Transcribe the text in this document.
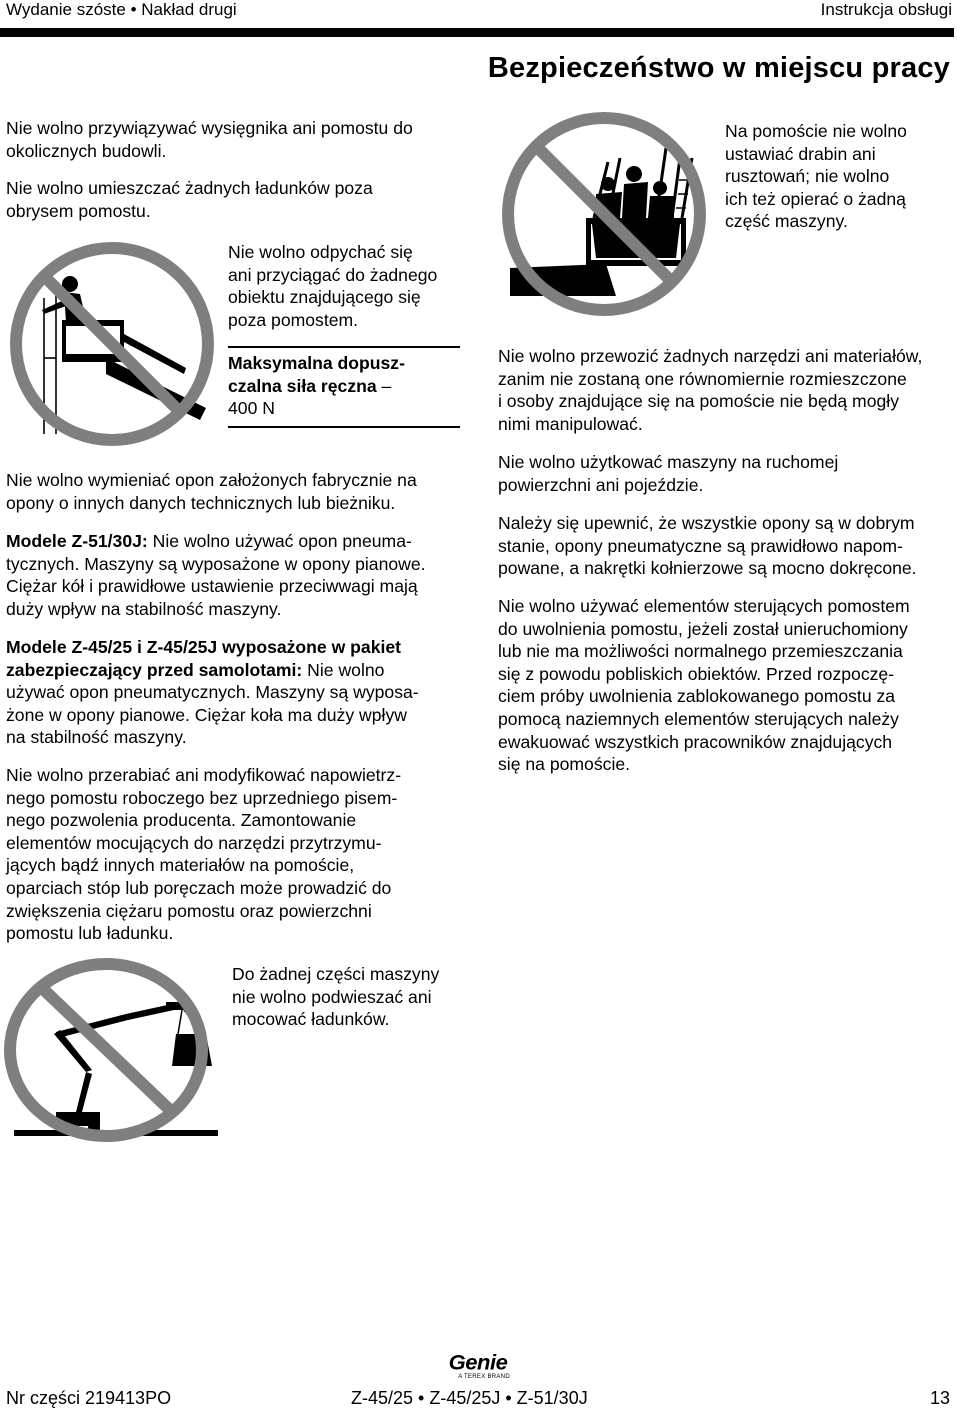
Wydanie szóste • Nakład drugi	Instrukcja obsługi
Bezpieczeństwo w miejscu pracy

Nie wolno przywiązywać wysięgnika ani pomostu do

okolicznych budowli.

Nie wolno umieszczać żadnych ładunków poza

obrysem pomostu.

Nie wolno odpychać się

ani przyciągać do żadnego

obiektu znajdującego się

poza pomostem.

Maksymalna dopusz-

czalna siła ręczna –

400 N

Nie wolno wymieniać opon założonych fabrycznie na

opony o innych danych technicznych lub bieżniku.

Modele Z-51/30J: Nie wolno używać opon pneuma-

tycznych. Maszyny są wyposażone w opony pianowe.

Ciężar kół i prawidłowe ustawienie przeciwwagi mają

duży wpływ na stabilność maszyny.

Modele Z-45/25 i Z-45/25J wyposażone w pakiet

zabezpieczający przed samolotami: Nie wolno

używać opon pneumatycznych. Maszyny są wyposa-

żone w opony pianowe. Ciężar koła ma duży wpływ

na stabilność maszyny.

Nie wolno przerabiać ani modyfikować napowietrz-

nego pomostu roboczego bez uprzedniego pisem-

nego pozwolenia producenta. Zamontowanie

elementów mocujących do narzędzi przytrzymu-

jących bądź innych materiałów na pomoście,

oparciach stóp lub poręczach może prowadzić do

zwiększenia ciężaru pomostu oraz powierzchni

pomostu lub ładunku.

Do żadnej części maszyny

nie wolno podwieszać ani

mocować ładunków.

Na pomoście nie wolno

ustawiać drabin ani

rusztowań; nie wolno

ich też opierać o żadną

część maszyny.

Nie wolno przewozić żadnych narzędzi ani materiałów,

zanim nie zostaną one równomiernie rozmieszczone

i osoby znajdujące się na pomoście nie będą mogły

nimi manipulować.

Nie wolno użytkować maszyny na ruchomej

powierzchni ani pojeździe.

Należy się upewnić, że wszystkie opony są w dobrym

stanie, opony pneumatyczne są prawidłowo napom-

powane, a nakrętki kołnierzowe są mocno dokręcone.

Nie wolno używać elementów sterujących pomostem

do uwolnienia pomostu, jeżeli został unieruchomiony

lub nie ma możliwości normalnego przemieszczania

się z powodu pobliskich obiektów. Przed rozpoczę-

ciem próby uwolnienia zablokowanego pomostu za

pomocą naziemnych elementów sterujących należy

ewakuować wszystkich pracowników znajdujących

się na pomoście.

Genie
A TEREX BRAND
Nr części 219413PO	Z-45/25 • Z-45/25J • Z-51/30J	13
